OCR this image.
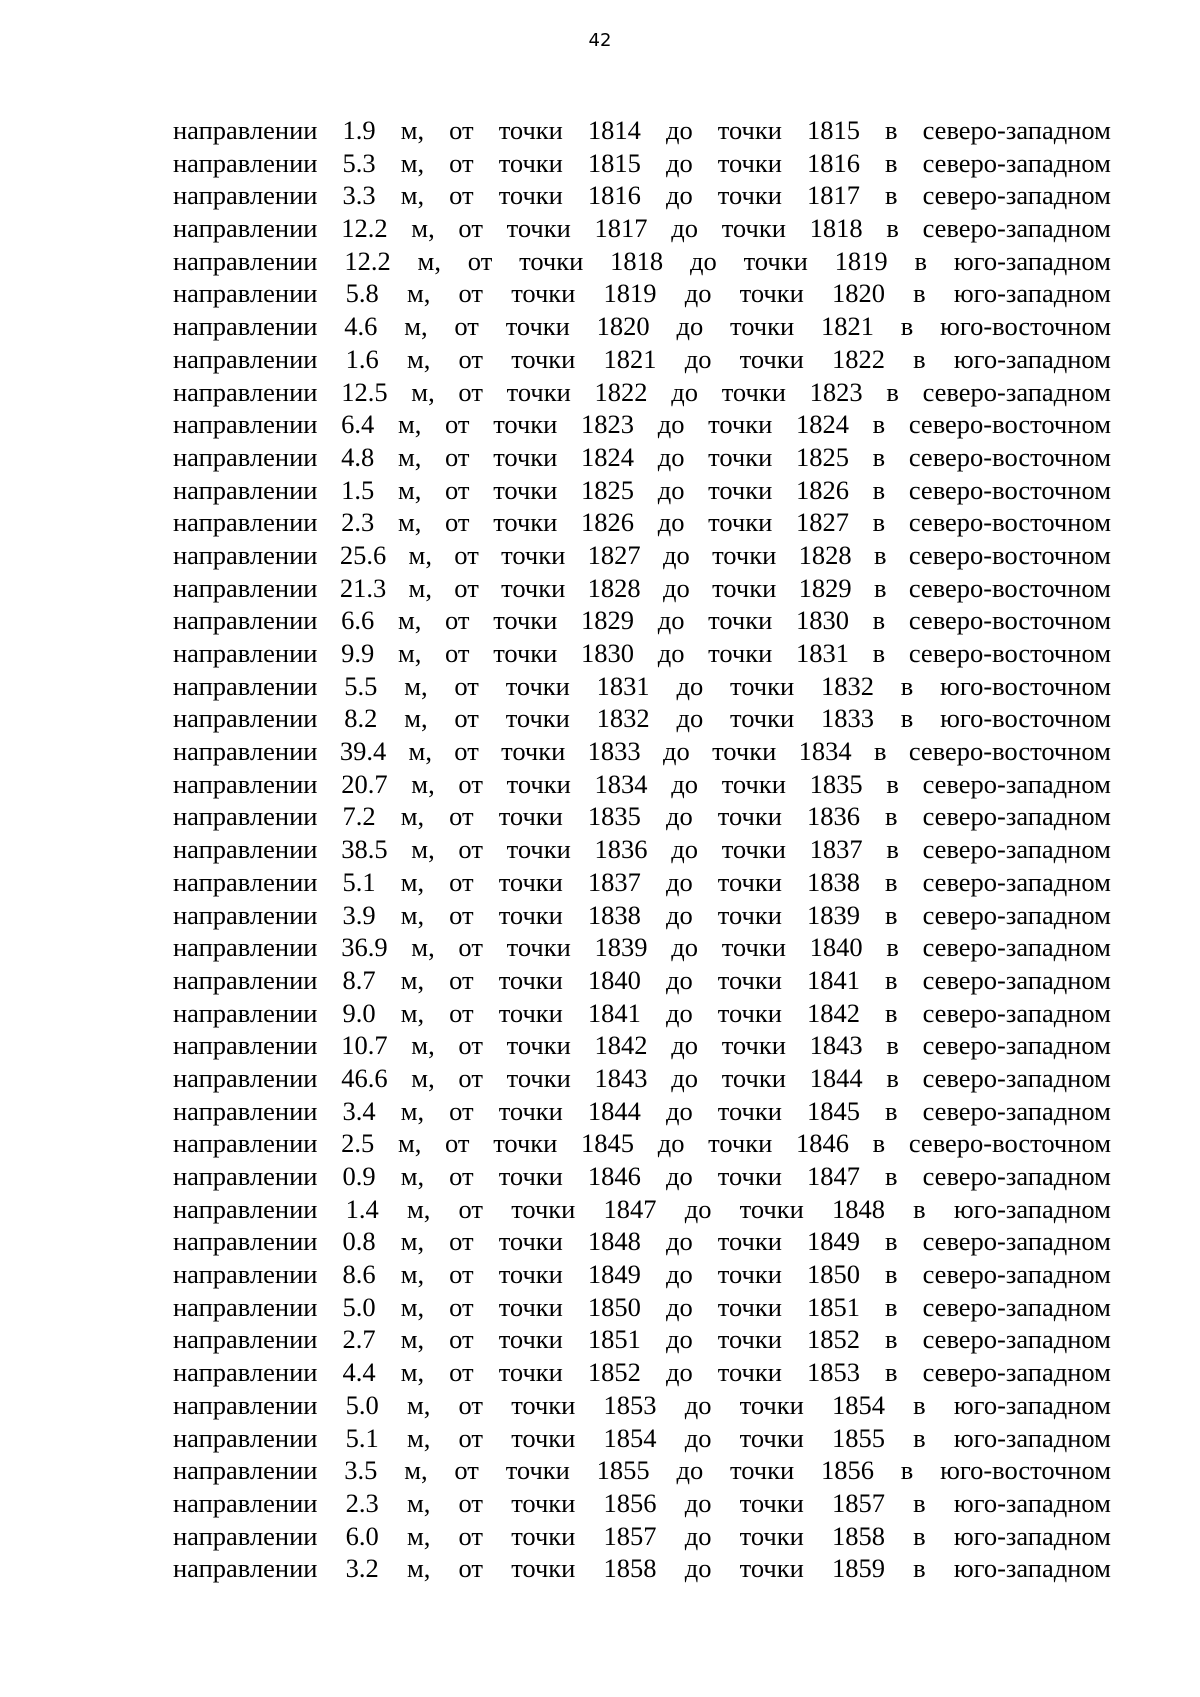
42
направлении 1.9 м, от точки 1814 до точки 1815 в северо-западном
направлении 5.3 м, от точки 1815 до точки 1816 в северо-западном
направлении 3.3 м, от точки 1816 до точки 1817 в северо-западном
направлении 12.2 м, от точки 1817 до точки 1818 в северо-западном
направлении 12.2 м, от точки 1818 до точки 1819 в юго-западном
направлении 5.8 м, от точки 1819 до точки 1820 в юго-западном
направлении 4.6 м, от точки 1820 до точки 1821 в юго-восточном
направлении 1.6 м, от точки 1821 до точки 1822 в юго-западном
направлении 12.5 м, от точки 1822 до точки 1823 в северо-западном
направлении 6.4 м, от точки 1823 до точки 1824 в северо-восточном
направлении 4.8 м, от точки 1824 до точки 1825 в северо-восточном
направлении 1.5 м, от точки 1825 до точки 1826 в северо-восточном
направлении 2.3 м, от точки 1826 до точки 1827 в северо-восточном
направлении 25.6 м, от точки 1827 до точки 1828 в северо-восточном
направлении 21.3 м, от точки 1828 до точки 1829 в северо-восточном
направлении 6.6 м, от точки 1829 до точки 1830 в северо-восточном
направлении 9.9 м, от точки 1830 до точки 1831 в северо-восточном
направлении 5.5 м, от точки 1831 до точки 1832 в юго-восточном
направлении 8.2 м, от точки 1832 до точки 1833 в юго-восточном
направлении 39.4 м, от точки 1833 до точки 1834 в северо-восточном
направлении 20.7 м, от точки 1834 до точки 1835 в северо-западном
направлении 7.2 м, от точки 1835 до точки 1836 в северо-западном
направлении 38.5 м, от точки 1836 до точки 1837 в северо-западном
направлении 5.1 м, от точки 1837 до точки 1838 в северо-западном
направлении 3.9 м, от точки 1838 до точки 1839 в северо-западном
направлении 36.9 м, от точки 1839 до точки 1840 в северо-западном
направлении 8.7 м, от точки 1840 до точки 1841 в северо-западном
направлении 9.0 м, от точки 1841 до точки 1842 в северо-западном
направлении 10.7 м, от точки 1842 до точки 1843 в северо-западном
направлении 46.6 м, от точки 1843 до точки 1844 в северо-западном
направлении 3.4 м, от точки 1844 до точки 1845 в северо-западном
направлении 2.5 м, от точки 1845 до точки 1846 в северо-восточном
направлении 0.9 м, от точки 1846 до точки 1847 в северо-западном
направлении 1.4 м, от точки 1847 до точки 1848 в юго-западном
направлении 0.8 м, от точки 1848 до точки 1849 в северо-западном
направлении 8.6 м, от точки 1849 до точки 1850 в северо-западном
направлении 5.0 м, от точки 1850 до точки 1851 в северо-западном
направлении 2.7 м, от точки 1851 до точки 1852 в северо-западном
направлении 4.4 м, от точки 1852 до точки 1853 в северо-западном
направлении 5.0 м, от точки 1853 до точки 1854 в юго-западном
направлении 5.1 м, от точки 1854 до точки 1855 в юго-западном
направлении 3.5 м, от точки 1855 до точки 1856 в юго-восточном
направлении 2.3 м, от точки 1856 до точки 1857 в юго-западном
направлении 6.0 м, от точки 1857 до точки 1858 в юго-западном
направлении 3.2 м, от точки 1858 до точки 1859 в юго-западном
